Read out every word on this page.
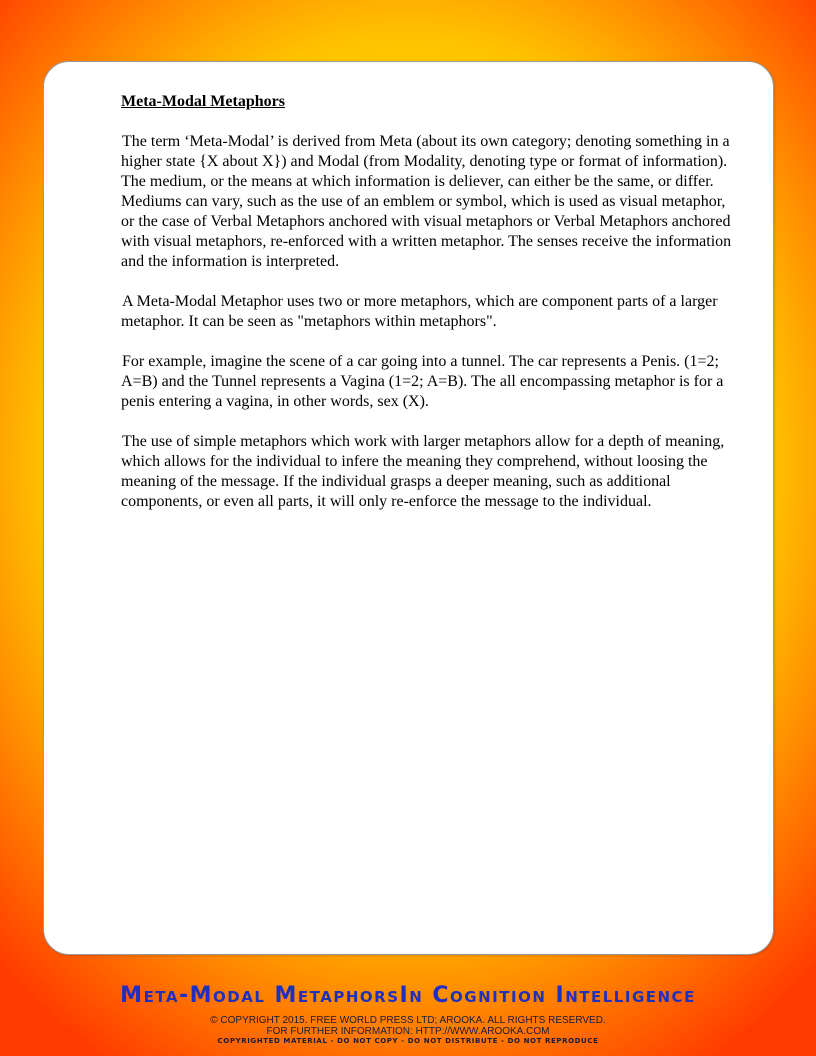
Meta-Modal Metaphors

The term ‘Meta-Modal’ is derived from Meta (about its own category; denoting something in a higher state {X about X}) and Modal (from Modality, denoting type or format of information). The medium, or the means at which information is deliever, can either be the same, or differ. Mediums can vary, such as the use of an emblem or symbol, which is used as visual metaphor, or the case of Verbal Metaphors anchored with visual metaphors or Verbal Metaphors anchored with visual metaphors, re-enforced with a written metaphor. The senses receive the information and the information is interpreted.

A Meta-Modal Metaphor uses two or more metaphors, which are component parts of a larger metaphor. It can be seen as "metaphors within metaphors".

For example, imagine the scene of a car going into a tunnel. The car represents a Penis. (1=2; A=B) and the Tunnel represents a Vagina (1=2; A=B). The all encompassing metaphor is for a penis entering a vagina, in other words, sex (X).

The use of simple metaphors which work with larger metaphors allow for a depth of meaning, which allows for the individual to infere the meaning they comprehend, without loosing the meaning of the message. If the individual grasps a deeper meaning, such as additional components, or even all parts, it will only re-enforce the message to the individual.

Meta-Modal MetaphorsIn Cognition Intelligence
© COPYRIGHT 2015. FREE WORLD PRESS LTD; AROOKA. ALL RIGHTS RESERVED.
FOR FURTHER INFORMATION: HTTP://WWW.AROOKA.COM
COPYRIGHTED MATERIAL - DO NOT COPY - DO NOT DISTRIBUTE - DO NOT REPRODUCE
